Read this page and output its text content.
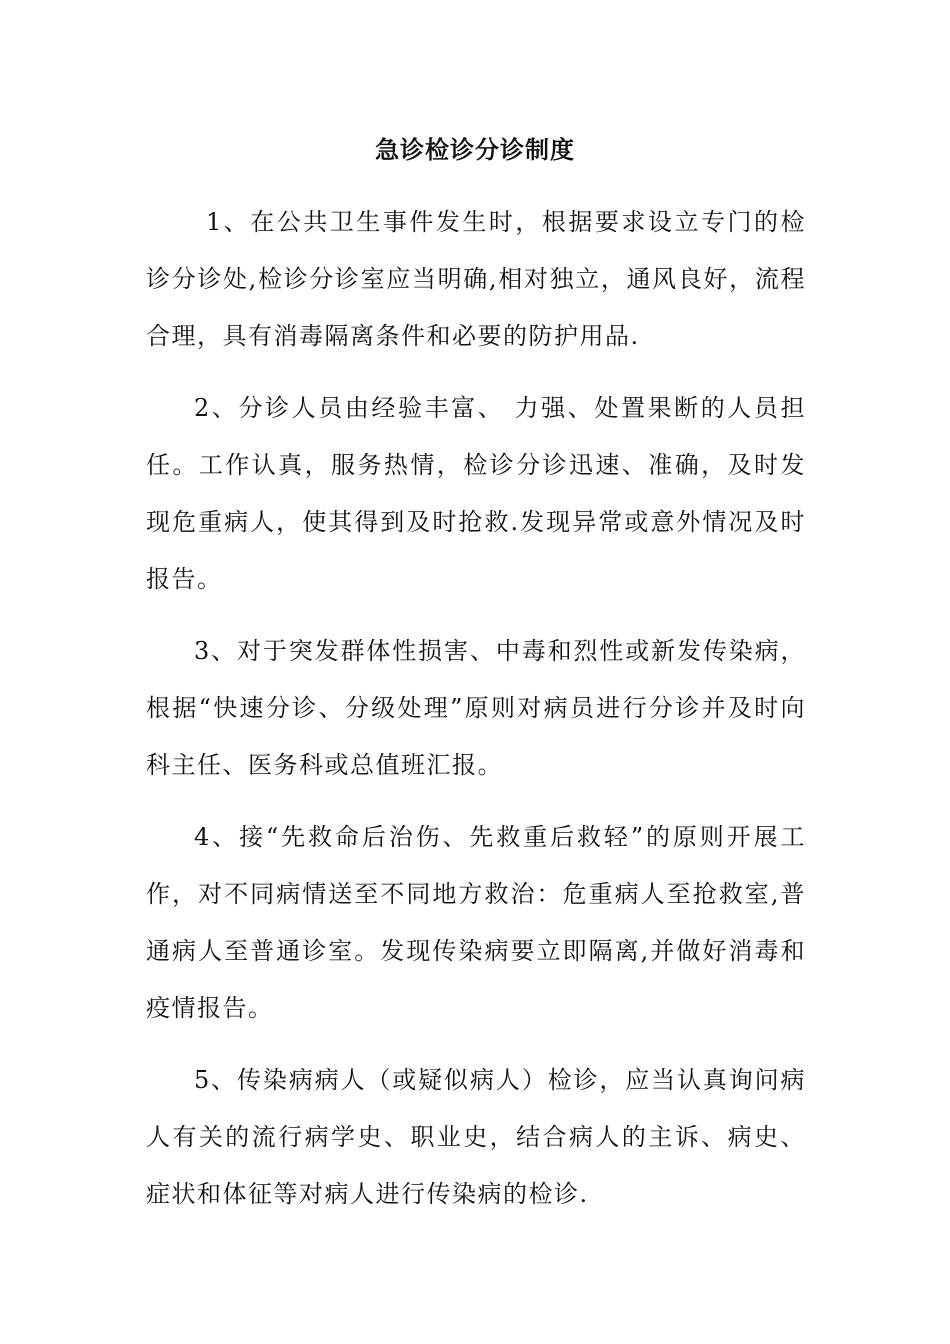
急诊检诊分诊制度

1、在公共卫生事件发生时，根据要求设立专门的检诊分诊处,检诊分诊室应当明确,相对独立，通风良好，流程合理，具有消毒隔离条件和必要的防护用品.

2、分诊人员由经验丰富、 力强、处置果断的人员担任。工作认真，服务热情，检诊分诊迅速、准确，及时发现危重病人，使其得到及时抢救.发现异常或意外情况及时报告。

3、对于突发群体性损害、中毒和烈性或新发传染病，根据“快速分诊、分级处理”原则对病员进行分诊并及时向科主任、医务科或总值班汇报。

4、接“先救命后治伤、先救重后救轻”的原则开展工作，对不同病情送至不同地方救治：危重病人至抢救室,普通病人至普通诊室。发现传染病要立即隔离,并做好消毒和疫情报告。

5、传染病病人（或疑似病人）检诊，应当认真询问病人有关的流行病学史、职业史，结合病人的主诉、病史、症状和体征等对病人进行传染病的检诊.
